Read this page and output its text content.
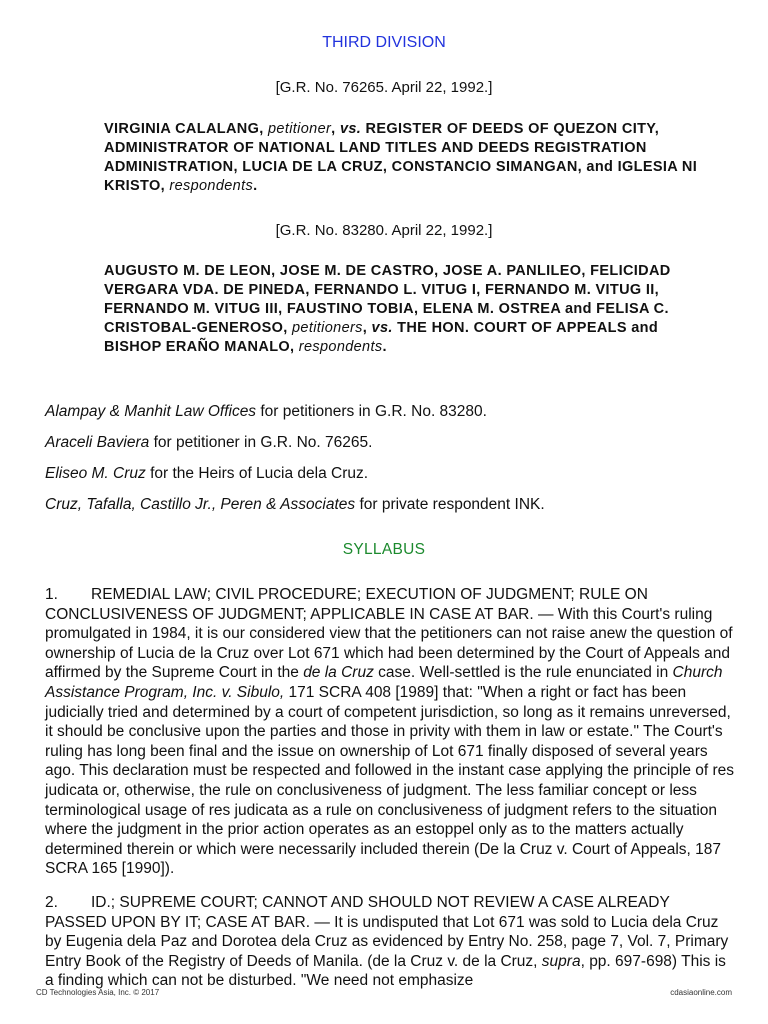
THIRD DIVISION
[G.R. No. 76265. April 22, 1992.]
VIRGINIA CALALANG, petitioner, vs. REGISTER OF DEEDS OF QUEZON CITY, ADMINISTRATOR OF NATIONAL LAND TITLES AND DEEDS REGISTRATION ADMINISTRATION, LUCIA DE LA CRUZ, CONSTANCIO SIMANGAN, and IGLESIA NI KRISTO, respondents.
[G.R. No. 83280. April 22, 1992.]
AUGUSTO M. DE LEON, JOSE M. DE CASTRO, JOSE A. PANLILEO, FELICIDAD VERGARA VDA. DE PINEDA, FERNANDO L. VITUG I, FERNANDO M. VITUG II, FERNANDO M. VITUG III, FAUSTINO TOBIA, ELENA M. OSTREA and FELISA C. CRISTOBAL-GENEROSO, petitioners, vs. THE HON. COURT OF APPEALS and BISHOP ERAÑO MANALO, respondents.
Alampay & Manhit Law Offices for petitioners in G.R. No. 83280.
Araceli Baviera for petitioner in G.R. No. 76265.
Eliseo M. Cruz for the Heirs of Lucia dela Cruz.
Cruz, Tafalla, Castillo Jr., Peren & Associates for private respondent INK.
SYLLABUS
1. REMEDIAL LAW; CIVIL PROCEDURE; EXECUTION OF JUDGMENT; RULE ON CONCLUSIVENESS OF JUDGMENT; APPLICABLE IN CASE AT BAR. — With this Court's ruling promulgated in 1984, it is our considered view that the petitioners can not raise anew the question of ownership of Lucia de la Cruz over Lot 671 which had been determined by the Court of Appeals and affirmed by the Supreme Court in the de la Cruz case. Well-settled is the rule enunciated in Church Assistance Program, Inc. v. Sibulo, 171 SCRA 408 [1989] that: "When a right or fact has been judicially tried and determined by a court of competent jurisdiction, so long as it remains unreversed, it should be conclusive upon the parties and those in privity with them in law or estate." The Court's ruling has long been final and the issue on ownership of Lot 671 finally disposed of several years ago. This declaration must be respected and followed in the instant case applying the principle of res judicata or, otherwise, the rule on conclusiveness of judgment. The less familiar concept or less terminological usage of res judicata as a rule on conclusiveness of judgment refers to the situation where the judgment in the prior action operates as an estoppel only as to the matters actually determined therein or which were necessarily included therein (De la Cruz v. Court of Appeals, 187 SCRA 165 [1990]).
2. ID.; SUPREME COURT; CANNOT AND SHOULD NOT REVIEW A CASE ALREADY PASSED UPON BY IT; CASE AT BAR. — It is undisputed that Lot 671 was sold to Lucia dela Cruz by Eugenia dela Paz and Dorotea dela Cruz as evidenced by Entry No. 258, page 7, Vol. 7, Primary Entry Book of the Registry of Deeds of Manila. (de la Cruz v. de la Cruz, supra, pp. 697-698) This is a finding which can not be disturbed. "We need not emphasize
CD Technologies Asia, Inc. © 2017	cdasiaonline.com
